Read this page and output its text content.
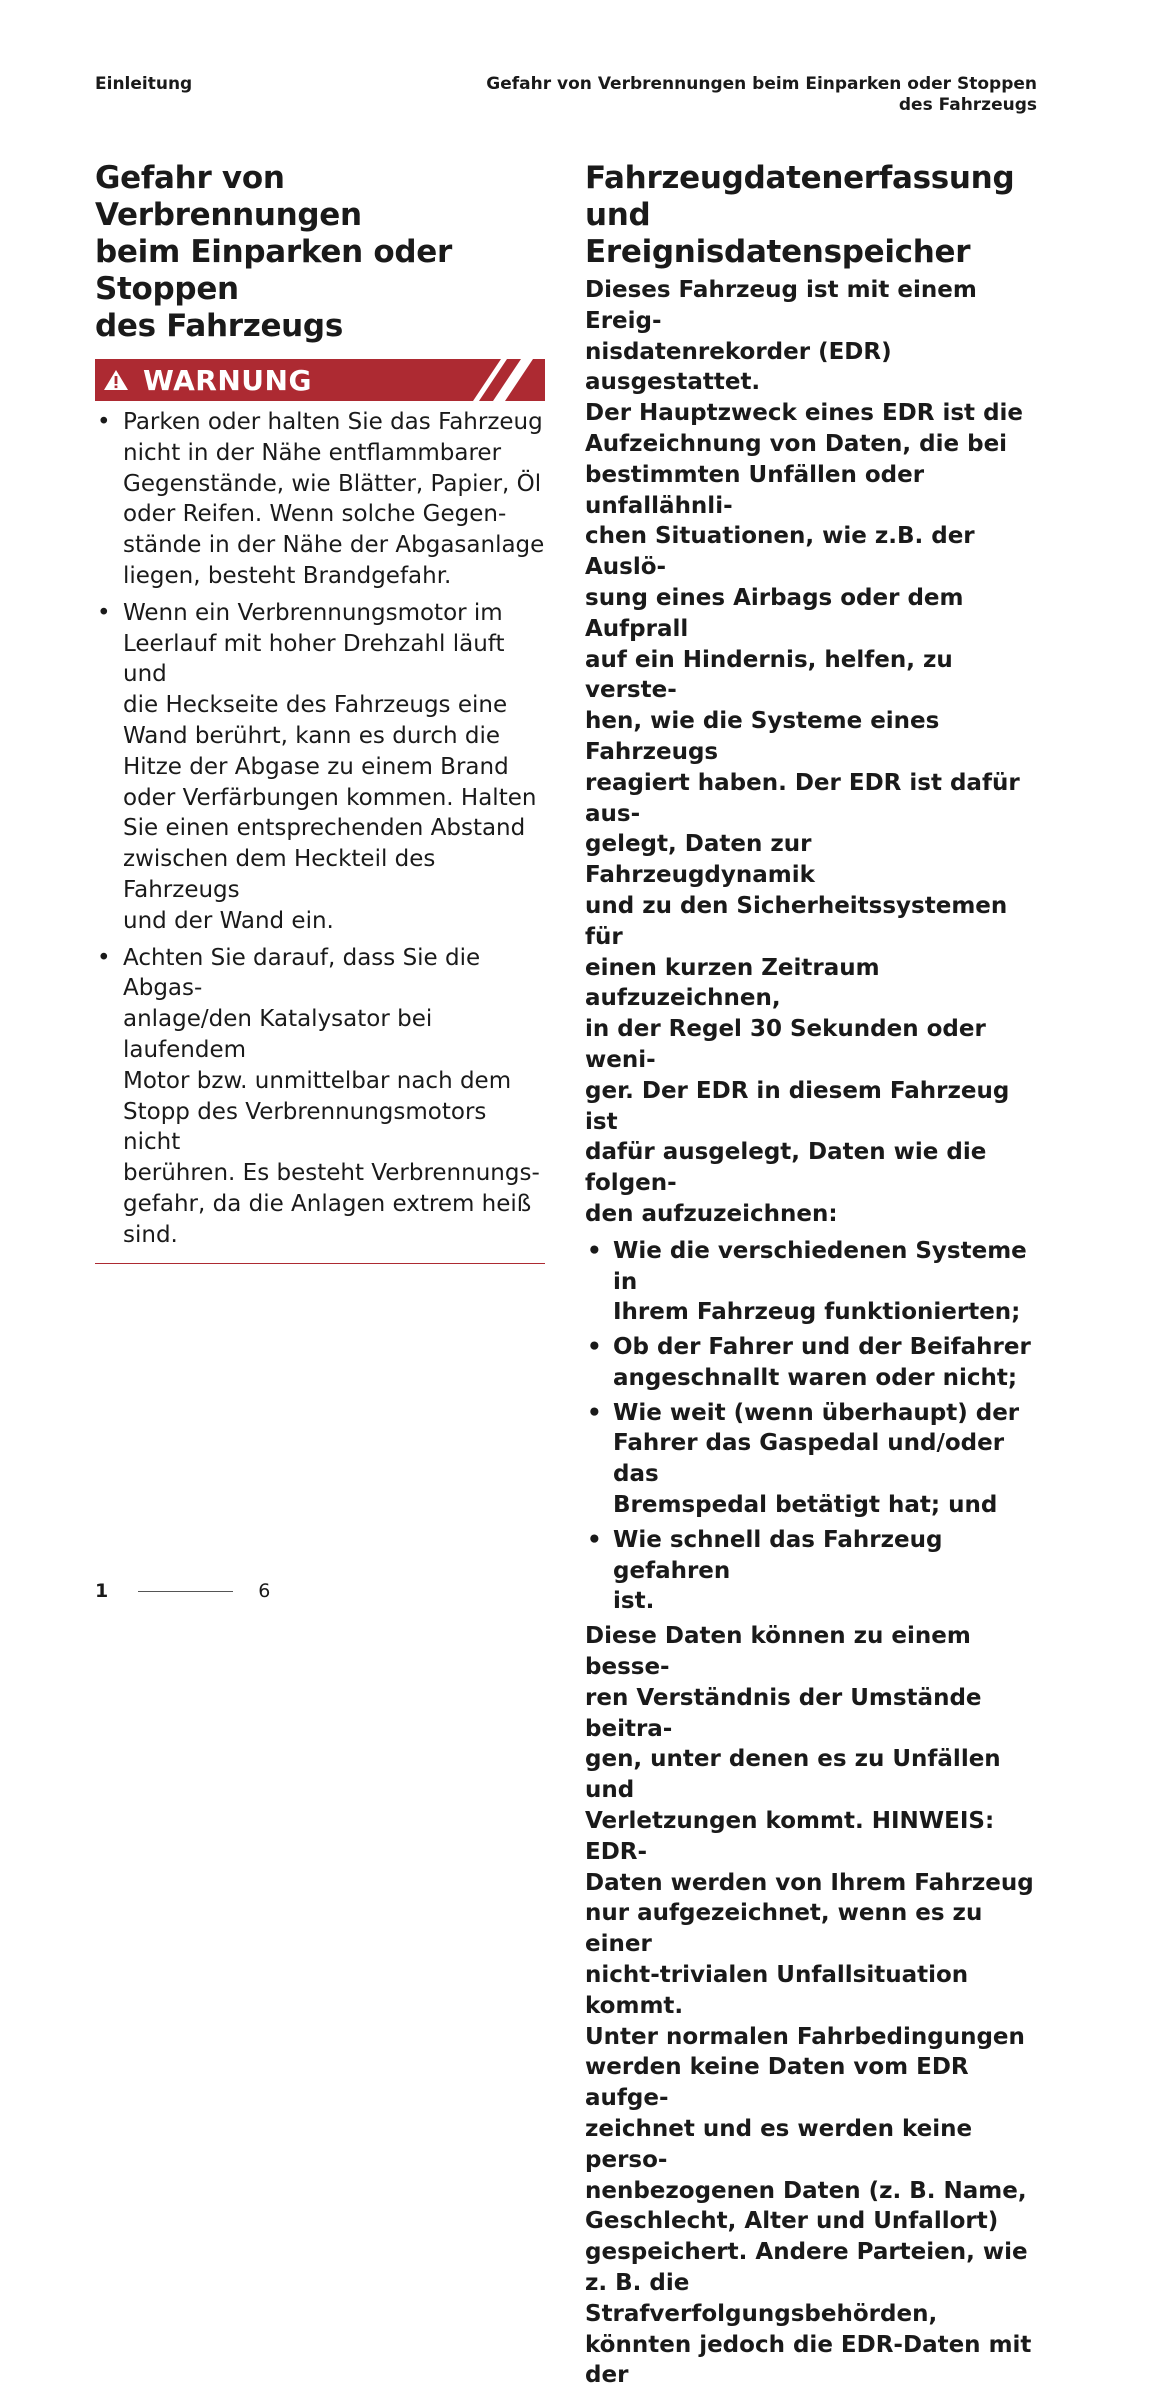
Einleitung	Gefahr von Verbrennungen beim Einparken oder Stoppen des Fahrzeugs
Gefahr von Verbrennungen
beim Einparken oder Stoppen
des Fahrzeugs
WARNUNG
• Parken oder halten Sie das Fahrzeug
nicht in der Nähe entflammbarer
Gegenstände, wie Blätter, Papier, Öl
oder Reifen. Wenn solche Gegen-
stände in der Nähe der Abgasanlage
liegen, besteht Brandgefahr.
• Wenn ein Verbrennungsmotor im
Leerlauf mit hoher Drehzahl läuft und
die Heckseite des Fahrzeugs eine
Wand berührt, kann es durch die
Hitze der Abgase zu einem Brand
oder Verfärbungen kommen. Halten
Sie einen entsprechenden Abstand
zwischen dem Heckteil des Fahrzeugs
und der Wand ein.
• Achten Sie darauf, dass Sie die Abgas-
anlage/den Katalysator bei laufendem
Motor bzw. unmittelbar nach dem
Stopp des Verbrennungsmotors nicht
berühren. Es besteht Verbrennungs-
gefahr, da die Anlagen extrem heiß
sind.
Fahrzeugdatenerfassung und
Ereignisdatenspeicher

Dieses Fahrzeug ist mit einem Ereig-
nisdatenrekorder (EDR) ausgestattet.
Der Hauptzweck eines EDR ist die
Aufzeichnung von Daten, die bei
bestimmten Unfällen oder unfallähnli-
chen Situationen, wie z.B. der Auslö-
sung eines Airbags oder dem Aufprall
auf ein Hindernis, helfen, zu verste-
hen, wie die Systeme eines Fahrzeugs
reagiert haben. Der EDR ist dafür aus-
gelegt, Daten zur Fahrzeugdynamik
und zu den Sicherheitssystemen für
einen kurzen Zeitraum aufzuzeichnen,
in der Regel 30 Sekunden oder weni-
ger. Der EDR in diesem Fahrzeug ist
dafür ausgelegt, Daten wie die folgen-
den aufzuzeichnen:

• Wie die verschiedenen Systeme in
Ihrem Fahrzeug funktionierten;
• Ob der Fahrer und der Beifahrer
angeschnallt waren oder nicht;
• Wie weit (wenn überhaupt) der
Fahrer das Gaspedal und/oder das
Bremspedal betätigt hat; und
• Wie schnell das Fahrzeug gefahren
ist.

Diese Daten können zu einem besse-
ren Verständnis der Umstände beitra-
gen, unter denen es zu Unfällen und
Verletzungen kommt. HINWEIS: EDR-
Daten werden von Ihrem Fahrzeug
nur aufgezeichnet, wenn es zu einer
nicht-trivialen Unfallsituation kommt.
Unter normalen Fahrbedingungen
werden keine Daten vom EDR aufge-
zeichnet und es werden keine perso-
nenbezogenen Daten (z. B. Name,
Geschlecht, Alter und Unfallort)
gespeichert. Andere Parteien, wie
z. B. die Strafverfolgungsbehörden,
könnten jedoch die EDR-Daten mit der

1	6
